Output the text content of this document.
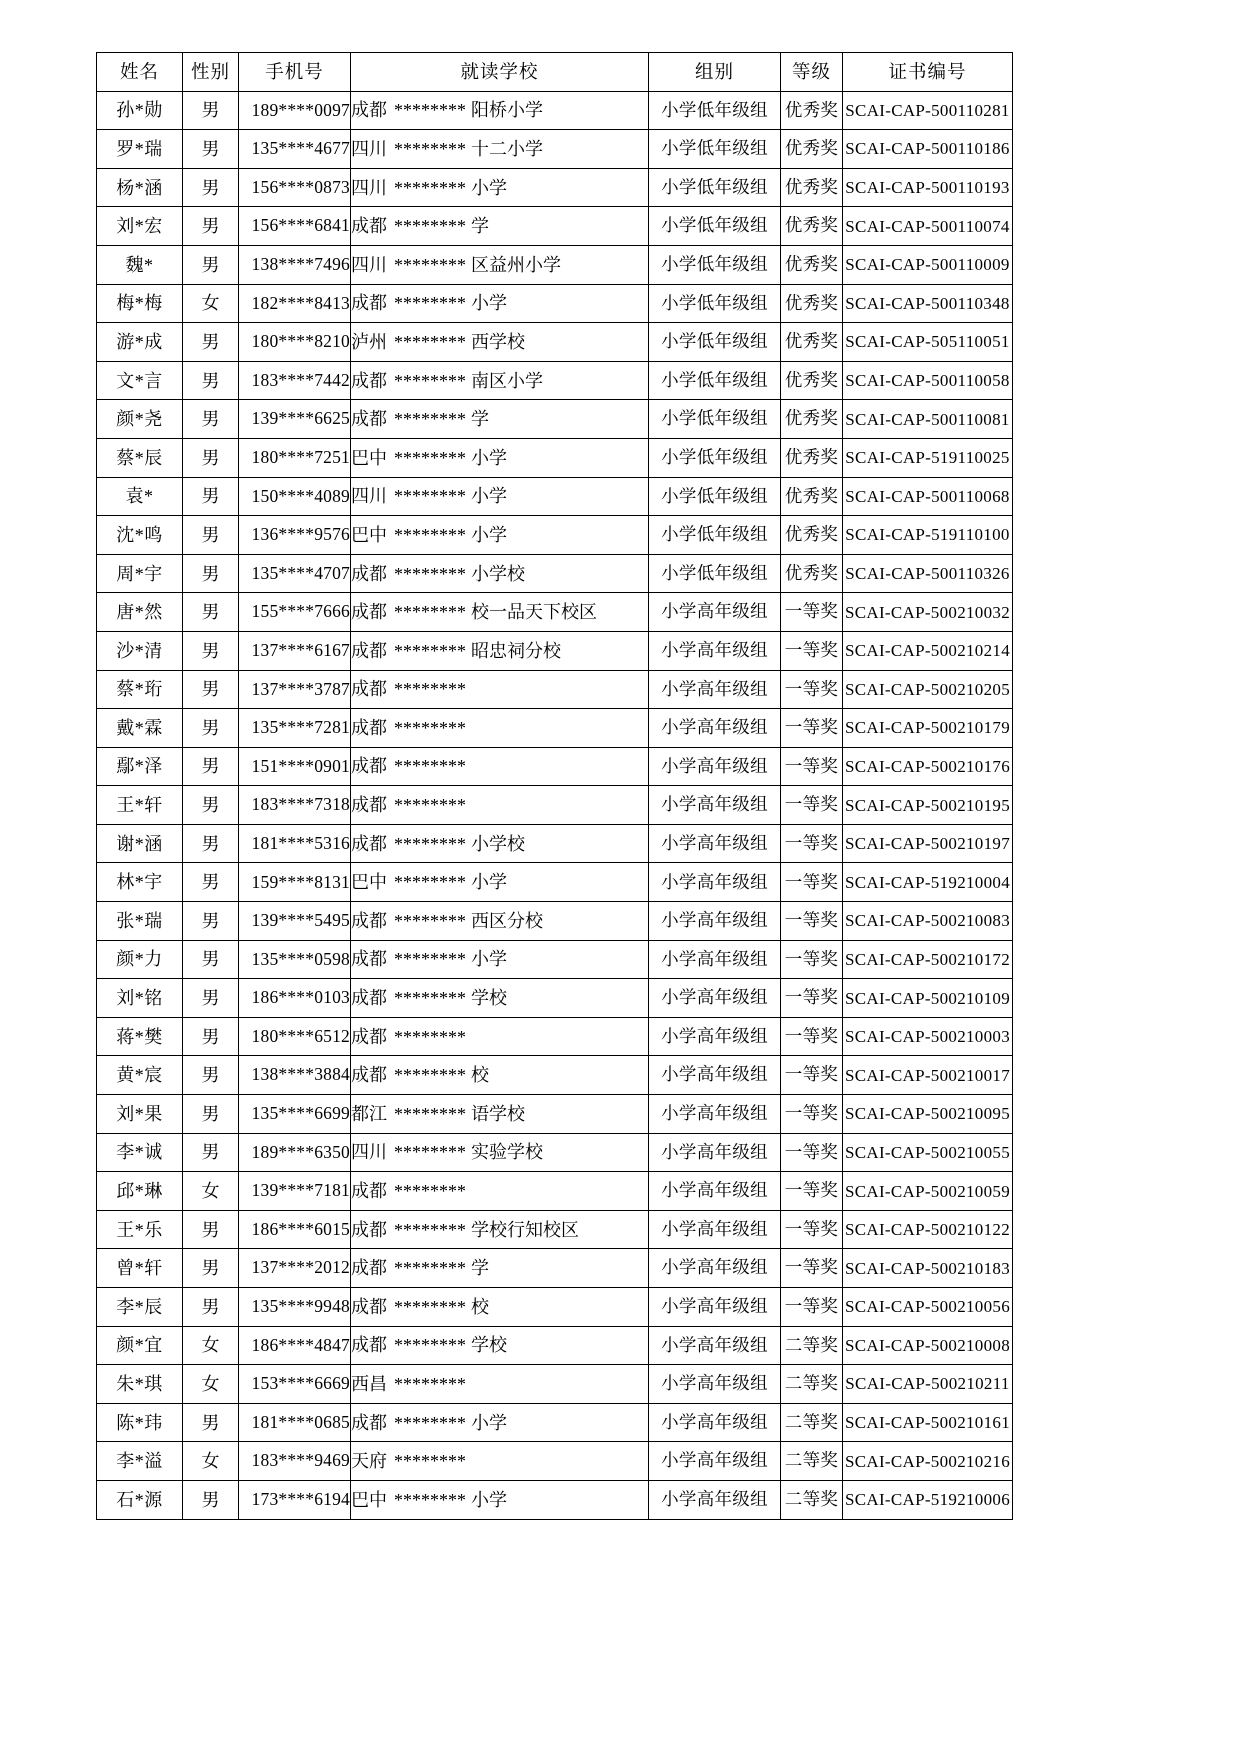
姓名	性别	手机号	就读学校	组别	等级	证书编号
孙*勋	男	189****0097	成都 ******** 阳桥小学	小学低年级组	优秀奖	SCAI-CAP-500110281
罗*瑞	男	135****4677	四川 ******** 十二小学	小学低年级组	优秀奖	SCAI-CAP-500110186
杨*涵	男	156****0873	四川 ******** 小学	小学低年级组	优秀奖	SCAI-CAP-500110193
刘*宏	男	156****6841	成都 ******** 学	小学低年级组	优秀奖	SCAI-CAP-500110074
魏*	男	138****7496	四川 ******** 区益州小学	小学低年级组	优秀奖	SCAI-CAP-500110009
梅*梅	女	182****8413	成都 ******** 小学	小学低年级组	优秀奖	SCAI-CAP-500110348
游*成	男	180****8210	泸州 ******** 西学校	小学低年级组	优秀奖	SCAI-CAP-505110051
文*言	男	183****7442	成都 ******** 南区小学	小学低年级组	优秀奖	SCAI-CAP-500110058
颜*尧	男	139****6625	成都 ******** 学	小学低年级组	优秀奖	SCAI-CAP-500110081
蔡*辰	男	180****7251	巴中 ******** 小学	小学低年级组	优秀奖	SCAI-CAP-519110025
袁*	男	150****4089	四川 ******** 小学	小学低年级组	优秀奖	SCAI-CAP-500110068
沈*鸣	男	136****9576	巴中 ******** 小学	小学低年级组	优秀奖	SCAI-CAP-519110100
周*宇	男	135****4707	成都 ******** 小学校	小学低年级组	优秀奖	SCAI-CAP-500110326
唐*然	男	155****7666	成都 ******** 校一品天下校区	小学高年级组	一等奖	SCAI-CAP-500210032
沙*清	男	137****6167	成都 ******** 昭忠祠分校	小学高年级组	一等奖	SCAI-CAP-500210214
蔡*珩	男	137****3787	成都 ********	小学高年级组	一等奖	SCAI-CAP-500210205
戴*霖	男	135****7281	成都 ********	小学高年级组	一等奖	SCAI-CAP-500210179
鄢*泽	男	151****0901	成都 ********	小学高年级组	一等奖	SCAI-CAP-500210176
王*轩	男	183****7318	成都 ********	小学高年级组	一等奖	SCAI-CAP-500210195
谢*涵	男	181****5316	成都 ******** 小学校	小学高年级组	一等奖	SCAI-CAP-500210197
林*宇	男	159****8131	巴中 ******** 小学	小学高年级组	一等奖	SCAI-CAP-519210004
张*瑞	男	139****5495	成都 ******** 西区分校	小学高年级组	一等奖	SCAI-CAP-500210083
颜*力	男	135****0598	成都 ******** 小学	小学高年级组	一等奖	SCAI-CAP-500210172
刘*铭	男	186****0103	成都 ******** 学校	小学高年级组	一等奖	SCAI-CAP-500210109
蒋*樊	男	180****6512	成都 ********	小学高年级组	一等奖	SCAI-CAP-500210003
黄*宸	男	138****3884	成都 ******** 校	小学高年级组	一等奖	SCAI-CAP-500210017
刘*果	男	135****6699	都江 ******** 语学校	小学高年级组	一等奖	SCAI-CAP-500210095
李*诚	男	189****6350	四川 ******** 实验学校	小学高年级组	一等奖	SCAI-CAP-500210055
邱*琳	女	139****7181	成都 ********	小学高年级组	一等奖	SCAI-CAP-500210059
王*乐	男	186****6015	成都 ******** 学校行知校区	小学高年级组	一等奖	SCAI-CAP-500210122
曾*轩	男	137****2012	成都 ******** 学	小学高年级组	一等奖	SCAI-CAP-500210183
李*辰	男	135****9948	成都 ******** 校	小学高年级组	一等奖	SCAI-CAP-500210056
颜*宜	女	186****4847	成都 ******** 学校	小学高年级组	二等奖	SCAI-CAP-500210008
朱*琪	女	153****6669	西昌 ********	小学高年级组	二等奖	SCAI-CAP-500210211
陈*玮	男	181****0685	成都 ******** 小学	小学高年级组	二等奖	SCAI-CAP-500210161
李*溢	女	183****9469	天府 ********	小学高年级组	二等奖	SCAI-CAP-500210216
石*源	男	173****6194	巴中 ******** 小学	小学高年级组	二等奖	SCAI-CAP-519210006
